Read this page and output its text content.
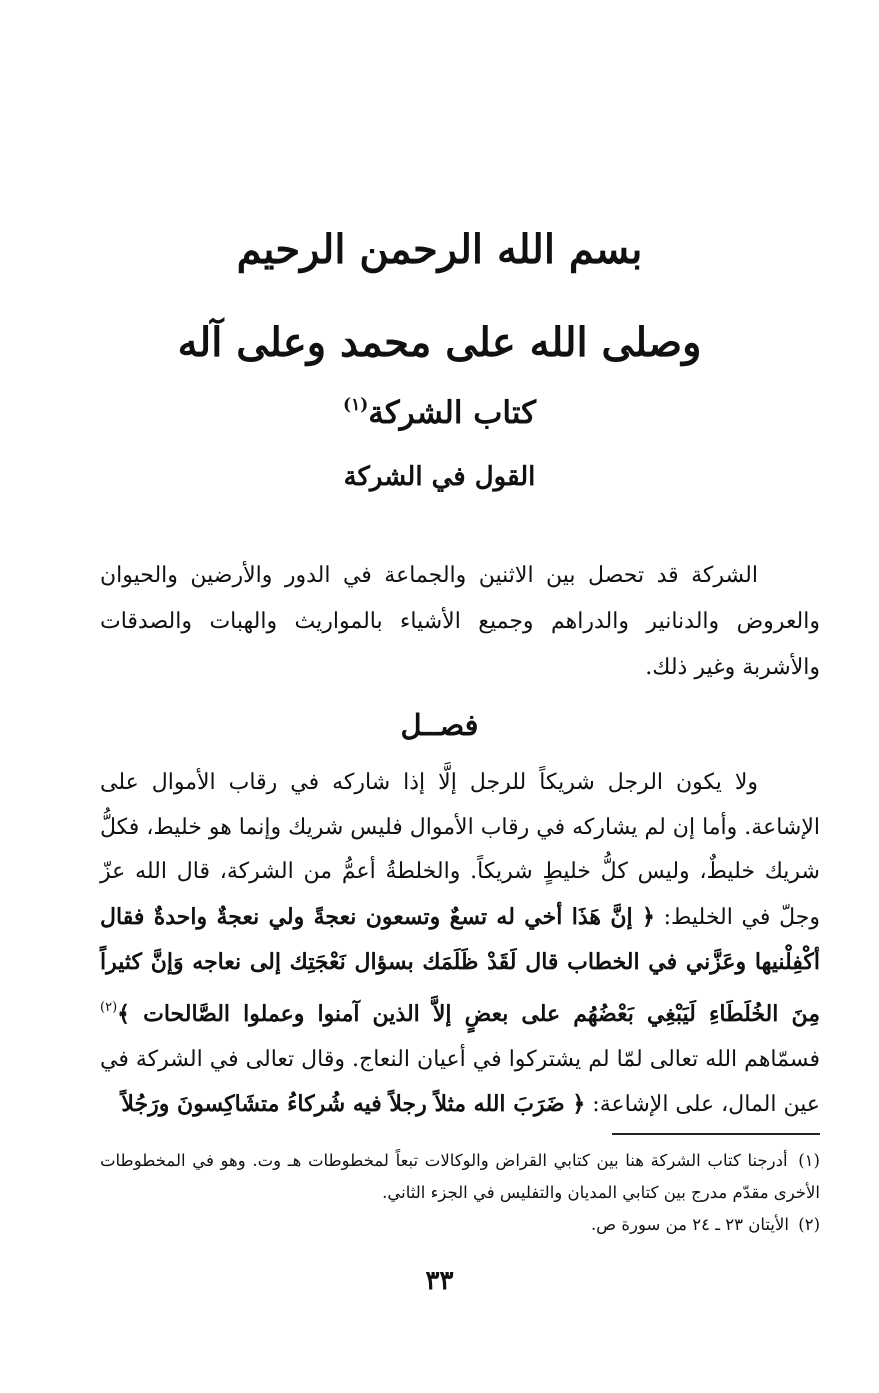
بسم الله الرحمن الرحيم
وصلى الله على محمد وعلى آله
كتاب الشركة$^{(١)}$
القول في الشركة

الشركة قد تحصل بين الاثنين والجماعة في الدور والأرضين والحيوان والعروض والدنانير والدراهم وجميع الأشياء بالمواريث والهبات والصدقات والأشربة وغير ذلك.

فصــل

ولا يكون الرجل شريكاً للرجل إلَّا إذا شاركه في رقاب الأموال على الإشاعة. وأما إن لم يشاركه في رقاب الأموال فليس شريك وإنما هو خليط، فكلُّ شريك خليطٌ، وليس كلُّ خليطٍ شريكاً. والخلطةُ أعمُّ من الشركة، قال الله عزّ وجلّ في الخليط: ﴿ إنَّ هَذَا أخي له تسعٌ وتسعون نعجةً ولي نعجةٌ واحدةٌ فقال أكْفِلْنيها وعَزَّني في الخطاب قال لَقَدْ ظَلَمَك بسؤال نَعْجَتِك إلى نعاجه وَإنَّ كثيراً مِنَ الخُلَطَاءِ لَيَبْغِي بَعْضُهُم على بعضٍ إلاَّ الذين آمنوا وعملوا الصَّالحات ﴾$^{(٢)}$ فسمّاهم الله تعالى لمّا لم يشتركوا في أعيان النعاج. وقال تعالى في الشركة في عين المال، على الإشاعة: ﴿ ضَرَبَ الله مثلاً رجلاً فيه شُركاءُ متشَاكِسونَ ورَجُلاً

(١) أدرجنا كتاب الشركة هنا بين كتابي القراض والوكالات تبعاً لمخطوطات هـ وت. وهو في المخطوطات الأخرى مقدّم مدرج بين كتابي المديان والتفليس في الجزء الثاني.

(٢) الأيتان ٢٣ ـ ٢٤ من سورة ص.

٣٣
